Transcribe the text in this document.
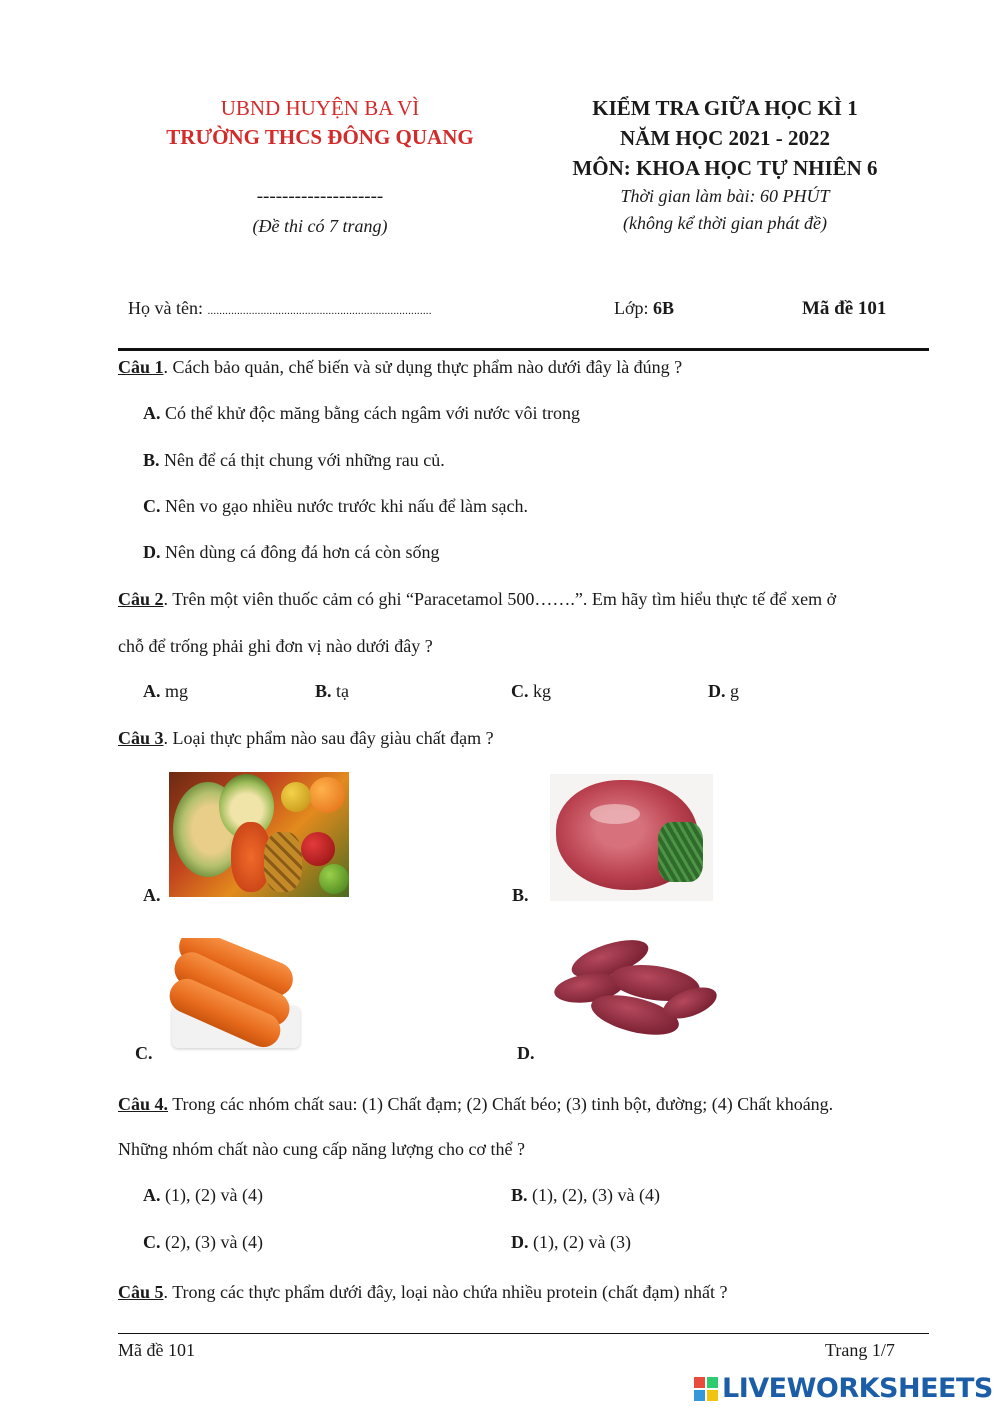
UBND HUYỆN BA VÌ
TRƯỜNG THCS ĐÔNG QUANG
--------------------
(Đề thi có 7 trang)
KIỂM TRA GIỮA HỌC KÌ 1
NĂM HỌC 2021 - 2022
MÔN: KHOA HỌC TỰ NHIÊN 6
Thời gian làm bài: 60 PHÚT
(không kể thời gian phát đề)
Họ và tên: ............................................................................	Lớp: 6B	Mã đề 101
Câu 1. Cách bảo quản, chế biến và sử dụng thực phẩm nào dưới đây là đúng ?
A. Có thể khử độc măng bằng cách ngâm với nước vôi trong
B. Nên để cá thịt chung với những rau củ.
C. Nên vo gạo nhiều nước trước khi nấu để làm sạch.
D. Nên dùng cá đông đá hơn cá còn sống
Câu 2. Trên một viên thuốc cảm có ghi “Paracetamol 500…….”. Em hãy tìm hiểu thực tế để xem ở
chỗ để trống phải ghi đơn vị nào dưới đây ?
A. mg	B. tạ	C. kg	D. g
Câu 3. Loại thực phẩm nào sau đây giàu chất đạm ?
A.	B.
C.	D.
Câu 4. Trong các nhóm chất sau: (1) Chất đạm; (2) Chất béo; (3) tinh bột, đường; (4) Chất khoáng.
Những nhóm chất nào cung cấp năng lượng cho cơ thể ?
A. (1), (2) và (4)	B. (1), (2), (3) và (4)
C. (2), (3) và (4)	D. (1), (2) và (3)
Câu 5. Trong các thực phẩm dưới đây, loại nào chứa nhiều protein (chất đạm) nhất ?
Mã đề 101	Trang 1/7
LIVEWORKSHEETS
